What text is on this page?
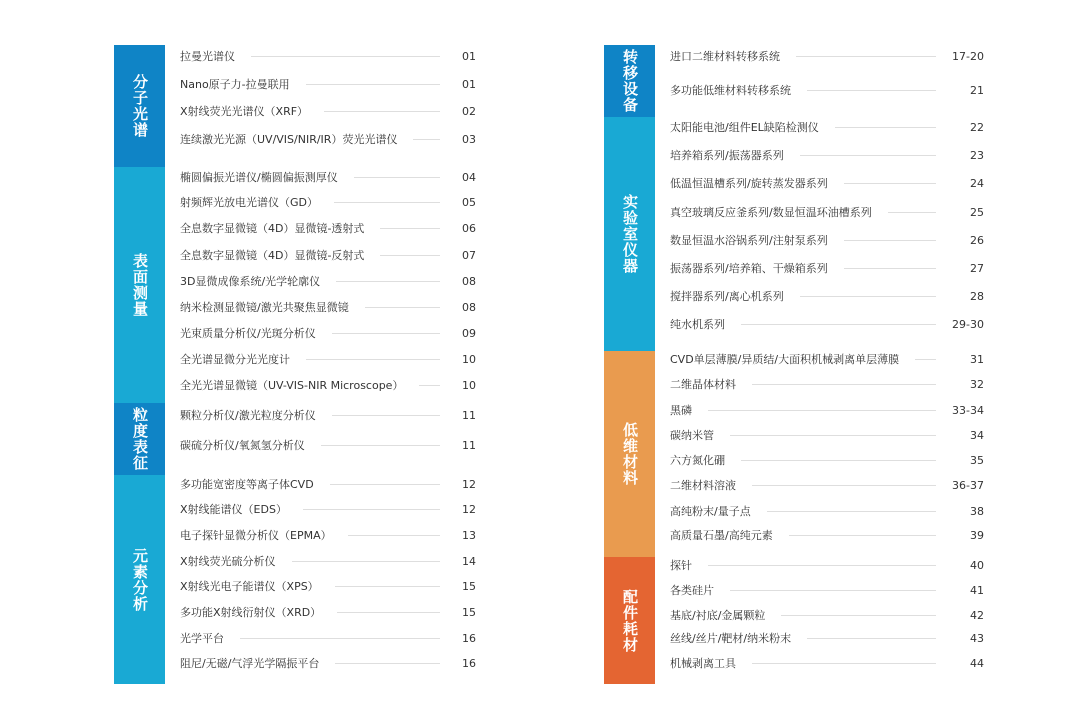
分子光谱
拉曼光谱仪	01
Nano原子力-拉曼联用	01
X射线荧光光谱仪（XRF）	02
连续激光光源（UV/VIS/NIR/IR）荧光光谱仪	03
表面测量
椭圆偏振光谱仪/椭圆偏振测厚仪	04
射频辉光放电光谱仪（GD）	05
全息数字显微镜（4D）显微镜-透射式	06
全息数字显微镜（4D）显微镜-反射式	07
3D显微成像系统/光学轮廓仪	08
纳米检测显微镜/激光共聚焦显微镜	08
光束质量分析仪/光斑分析仪	09
全光谱显微分光光度计	10
全光光谱显微镜（UV-VIS-NIR Microscope）	10
粒度表征	颗粒分析仪/激光粒度分析仪	11
碳硫分析仪/氧氮氢分析仪	11
元素分析
多功能宽密度等离子体CVD	12
X射线能谱仪（EDS）	12
电子探针显微分析仪（EPMA）	13
X射线荧光硫分析仪	14
X射线光电子能谱仪（XPS）	15
多功能X射线衍射仪（XRD）	15
光学平台	16
阻尼/无磁/气浮光学隔振平台	16
转移设备	进口二维材料转移系统	17-20
多功能低维材料转移系统	21
实验室仪器
太阳能电池/组件EL缺陷检测仪	22
培养箱系列/振荡器系列	23
低温恒温槽系列/旋转蒸发器系列	24
真空玻璃反应釜系列/数显恒温环油槽系列	25
数显恒温水浴锅系列/注射泵系列	26
振荡器系列/培养箱、干燥箱系列	27
搅拌器系列/离心机系列	28
纯水机系列	29-30
低维材料
CVD单层薄膜/异质结/大面积机械剥离单层薄膜	31
二维晶体材料	32
黑磷	33-34
碳纳米管	34
六方氮化硼	35
二维材料溶液	36-37
高纯粉末/量子点	38
高质量石墨/高纯元素	39
配件耗材
探针	40
各类硅片	41
基底/衬底/金属颗粒	42
丝线/丝片/靶材/纳米粉末	43
机械剥离工具	44
